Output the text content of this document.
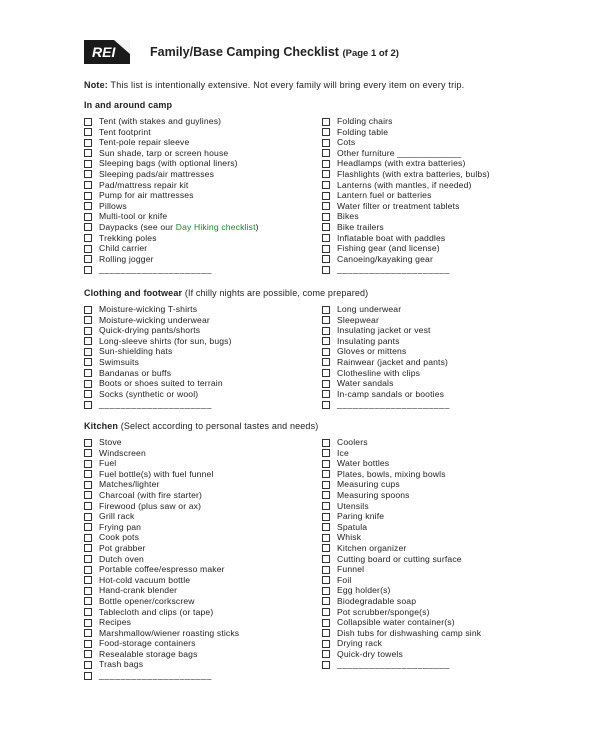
REI	Family/Base Camping Checklist (Page 1 of 2)
Note: This list is intentionally extensive. Not every family will bring every item on every trip.
In and around camp
Tent (with stakes and guylines)
Tent footprint
Tent-pole repair sleeve
Sun shade, tarp or screen house
Sleeping bags (with optional liners)
Sleeping pads/air mattresses
Pad/mattress repair kit
Pump for air mattresses
Pillows
Multi-tool or knife
Daypacks (see our Day Hiking checklist)
Trekking poles
Child carrier
Rolling jogger
_____________________
Folding chairs
Folding table
Cots
Other furniture _____________
Headlamps (with extra batteries)
Flashlights (with extra batteries, bulbs)
Lanterns (with mantles, if needed)
Lantern fuel or batteries
Water filter or treatment tablets
Bikes
Bike trailers
Inflatable boat with paddles
Fishing gear (and license)
Canoeing/kayaking gear
_____________________
Clothing and footwear (If chilly nights are possible, come prepared)
Moisture-wicking T-shirts
Moisture-wicking underwear
Quick-drying pants/shorts
Long-sleeve shirts (for sun, bugs)
Sun-shielding hats
Swimsuits
Bandanas or buffs
Boots or shoes suited to terrain
Socks (synthetic or wool)
_____________________
Long underwear
Sleepwear
Insulating jacket or vest
Insulating pants
Gloves or mittens
Rainwear (jacket and pants)
Clothesline with clips
Water sandals
In-camp sandals or booties
_____________________
Kitchen (Select according to personal tastes and needs)
Stove
Windscreen
Fuel
Fuel bottle(s) with fuel funnel
Matches/lighter
Charcoal (with fire starter)
Firewood (plus saw or ax)
Grill rack
Frying pan
Cook pots
Pot grabber
Dutch oven
Portable coffee/espresso maker
Hot-cold vacuum bottle
Hand-crank blender
Bottle opener/corkscrew
Tablecloth and clips (or tape)
Recipes
Marshmallow/wiener roasting sticks
Food-storage containers
Resealable storage bags
Trash bags
_____________________
Coolers
Ice
Water bottles
Plates, bowls, mixing bowls
Measuring cups
Measuring spoons
Utensils
Paring knife
Spatula
Whisk
Kitchen organizer
Cutting board or cutting surface
Funnel
Foil
Egg holder(s)
Biodegradable soap
Pot scrubber/sponge(s)
Collapsible water container(s)
Dish tubs for dishwashing camp sink
Drying rack
Quick-dry towels
_____________________
